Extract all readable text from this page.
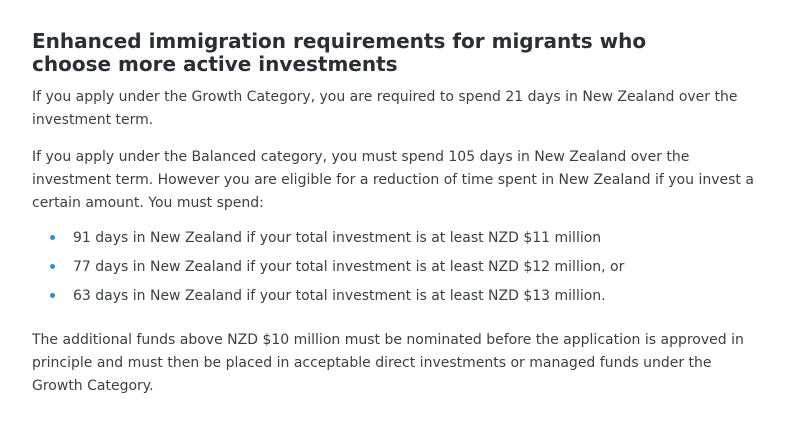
Enhanced immigration requirements for migrants who choose more active investments

If you apply under the Growth Category, you are required to spend 21 days in New Zealand over the investment term.

If you apply under the Balanced category, you must spend 105 days in New Zealand over the investment term. However you are eligible for a reduction of time spent in New Zealand if you invest a certain amount. You must spend:

91 days in New Zealand if your total investment is at least NZD $11 million
77 days in New Zealand if your total investment is at least NZD $12 million, or
63 days in New Zealand if your total investment is at least NZD $13 million.

The additional funds above NZD $10 million must be nominated before the application is approved in principle and must then be placed in acceptable direct investments or managed funds under the Growth Category.
